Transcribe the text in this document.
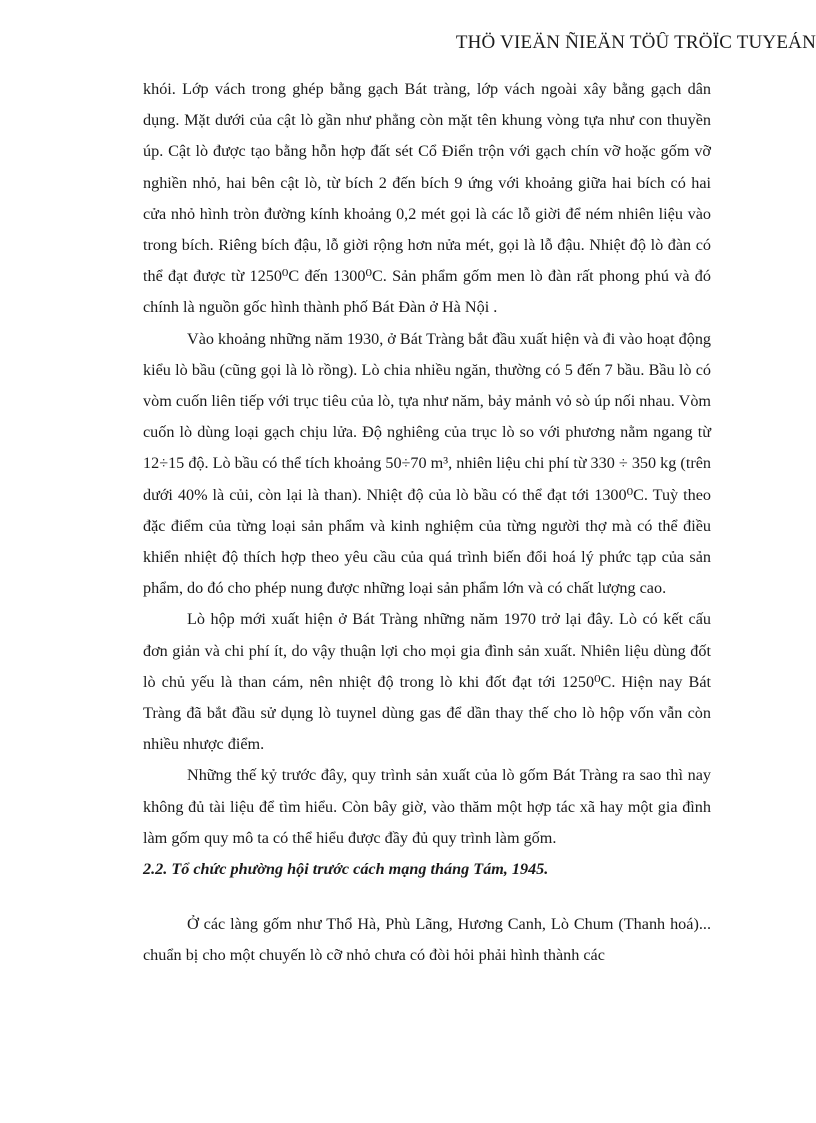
THÖ VIEÄN ÑIEÄN TÖÛ TRÖÏC TUYEÁN

khói. Lớp vách trong ghép bằng gạch Bát tràng, lớp vách ngoài xây bằng gạch dân dụng. Mặt dưới của cật lò gần như phẳng còn mặt tên khung vòng tựa như con thuyền úp. Cật lò được tạo bằng hỗn hợp đất sét Cổ Điển trộn với gạch chín vỡ hoặc gốm vỡ nghiền nhỏ, hai bên cật lò, từ bích 2 đến bích 9 ứng với khoảng giữa hai bích có hai cửa nhỏ hình tròn đường kính khoảng 0,2 mét gọi là các lỗ giời để ném nhiên liệu vào trong bích. Riêng bích đậu, lỗ giời rộng hơn nửa mét, gọi là lỗ đậu. Nhiệt độ lò đàn có thể đạt được từ 1250⁰C đến 1300⁰C. Sản phẩm gốm men lò đàn rất phong phú và đó chính là nguồn gốc hình thành phố Bát Đàn ở Hà Nội .

Vào khoảng những năm 1930, ở Bát Tràng bắt đầu xuất hiện và đi vào hoạt động kiểu lò bầu (cũng gọi là lò rồng). Lò chia nhiều ngăn, thường có 5 đến 7 bầu. Bầu lò có vòm cuốn liên tiếp với trục tiêu của lò, tựa như năm, bảy mảnh vỏ sò úp nối nhau. Vòm cuốn lò dùng loại gạch chịu lửa. Độ nghiêng của trục lò so với phương nằm ngang từ 12÷15 độ. Lò bầu có thể tích khoảng 50÷70 m³, nhiên liệu chi phí từ 330 ÷ 350 kg (trên dưới 40% là củi, còn lại là than). Nhiệt độ của lò bầu có thể đạt tới 1300⁰C. Tuỳ theo đặc điểm của từng loại sản phẩm và kinh nghiệm của từng người thợ mà có thể điều khiển nhiệt độ thích hợp theo yêu cầu của quá trình biến đổi hoá lý phức tạp của sản phẩm, do đó cho phép nung được những loại sản phẩm lớn và có chất lượng cao.

Lò hộp mới xuất hiện ở Bát Tràng những năm 1970 trở lại đây. Lò có kết cấu đơn giản và chi phí ít, do vậy thuận lợi cho mọi gia đình sản xuất. Nhiên liệu dùng đốt lò chủ yếu là than cám, nên nhiệt độ trong lò khi đốt đạt tới 1250⁰C. Hiện nay Bát Tràng đã bắt đầu sử dụng lò tuynel dùng gas để dần thay thế cho lò hộp vốn vẫn còn nhiều nhược điểm.

Những thế kỷ trước đây, quy trình sản xuất của lò gốm Bát Tràng ra sao thì nay không đủ tài liệu để tìm hiểu. Còn bây giờ, vào thăm một hợp tác xã hay một gia đình làm gốm quy mô ta có thể hiểu được đầy đủ quy trình làm gốm.

2.2. Tổ chức phường hội trước cách mạng tháng Tám, 1945.

Ở các làng gốm như Thổ Hà, Phù Lãng, Hương Canh, Lò Chum (Thanh hoá)... chuẩn bị cho một chuyến lò cỡ nhỏ chưa có đòi hỏi phải hình thành các
